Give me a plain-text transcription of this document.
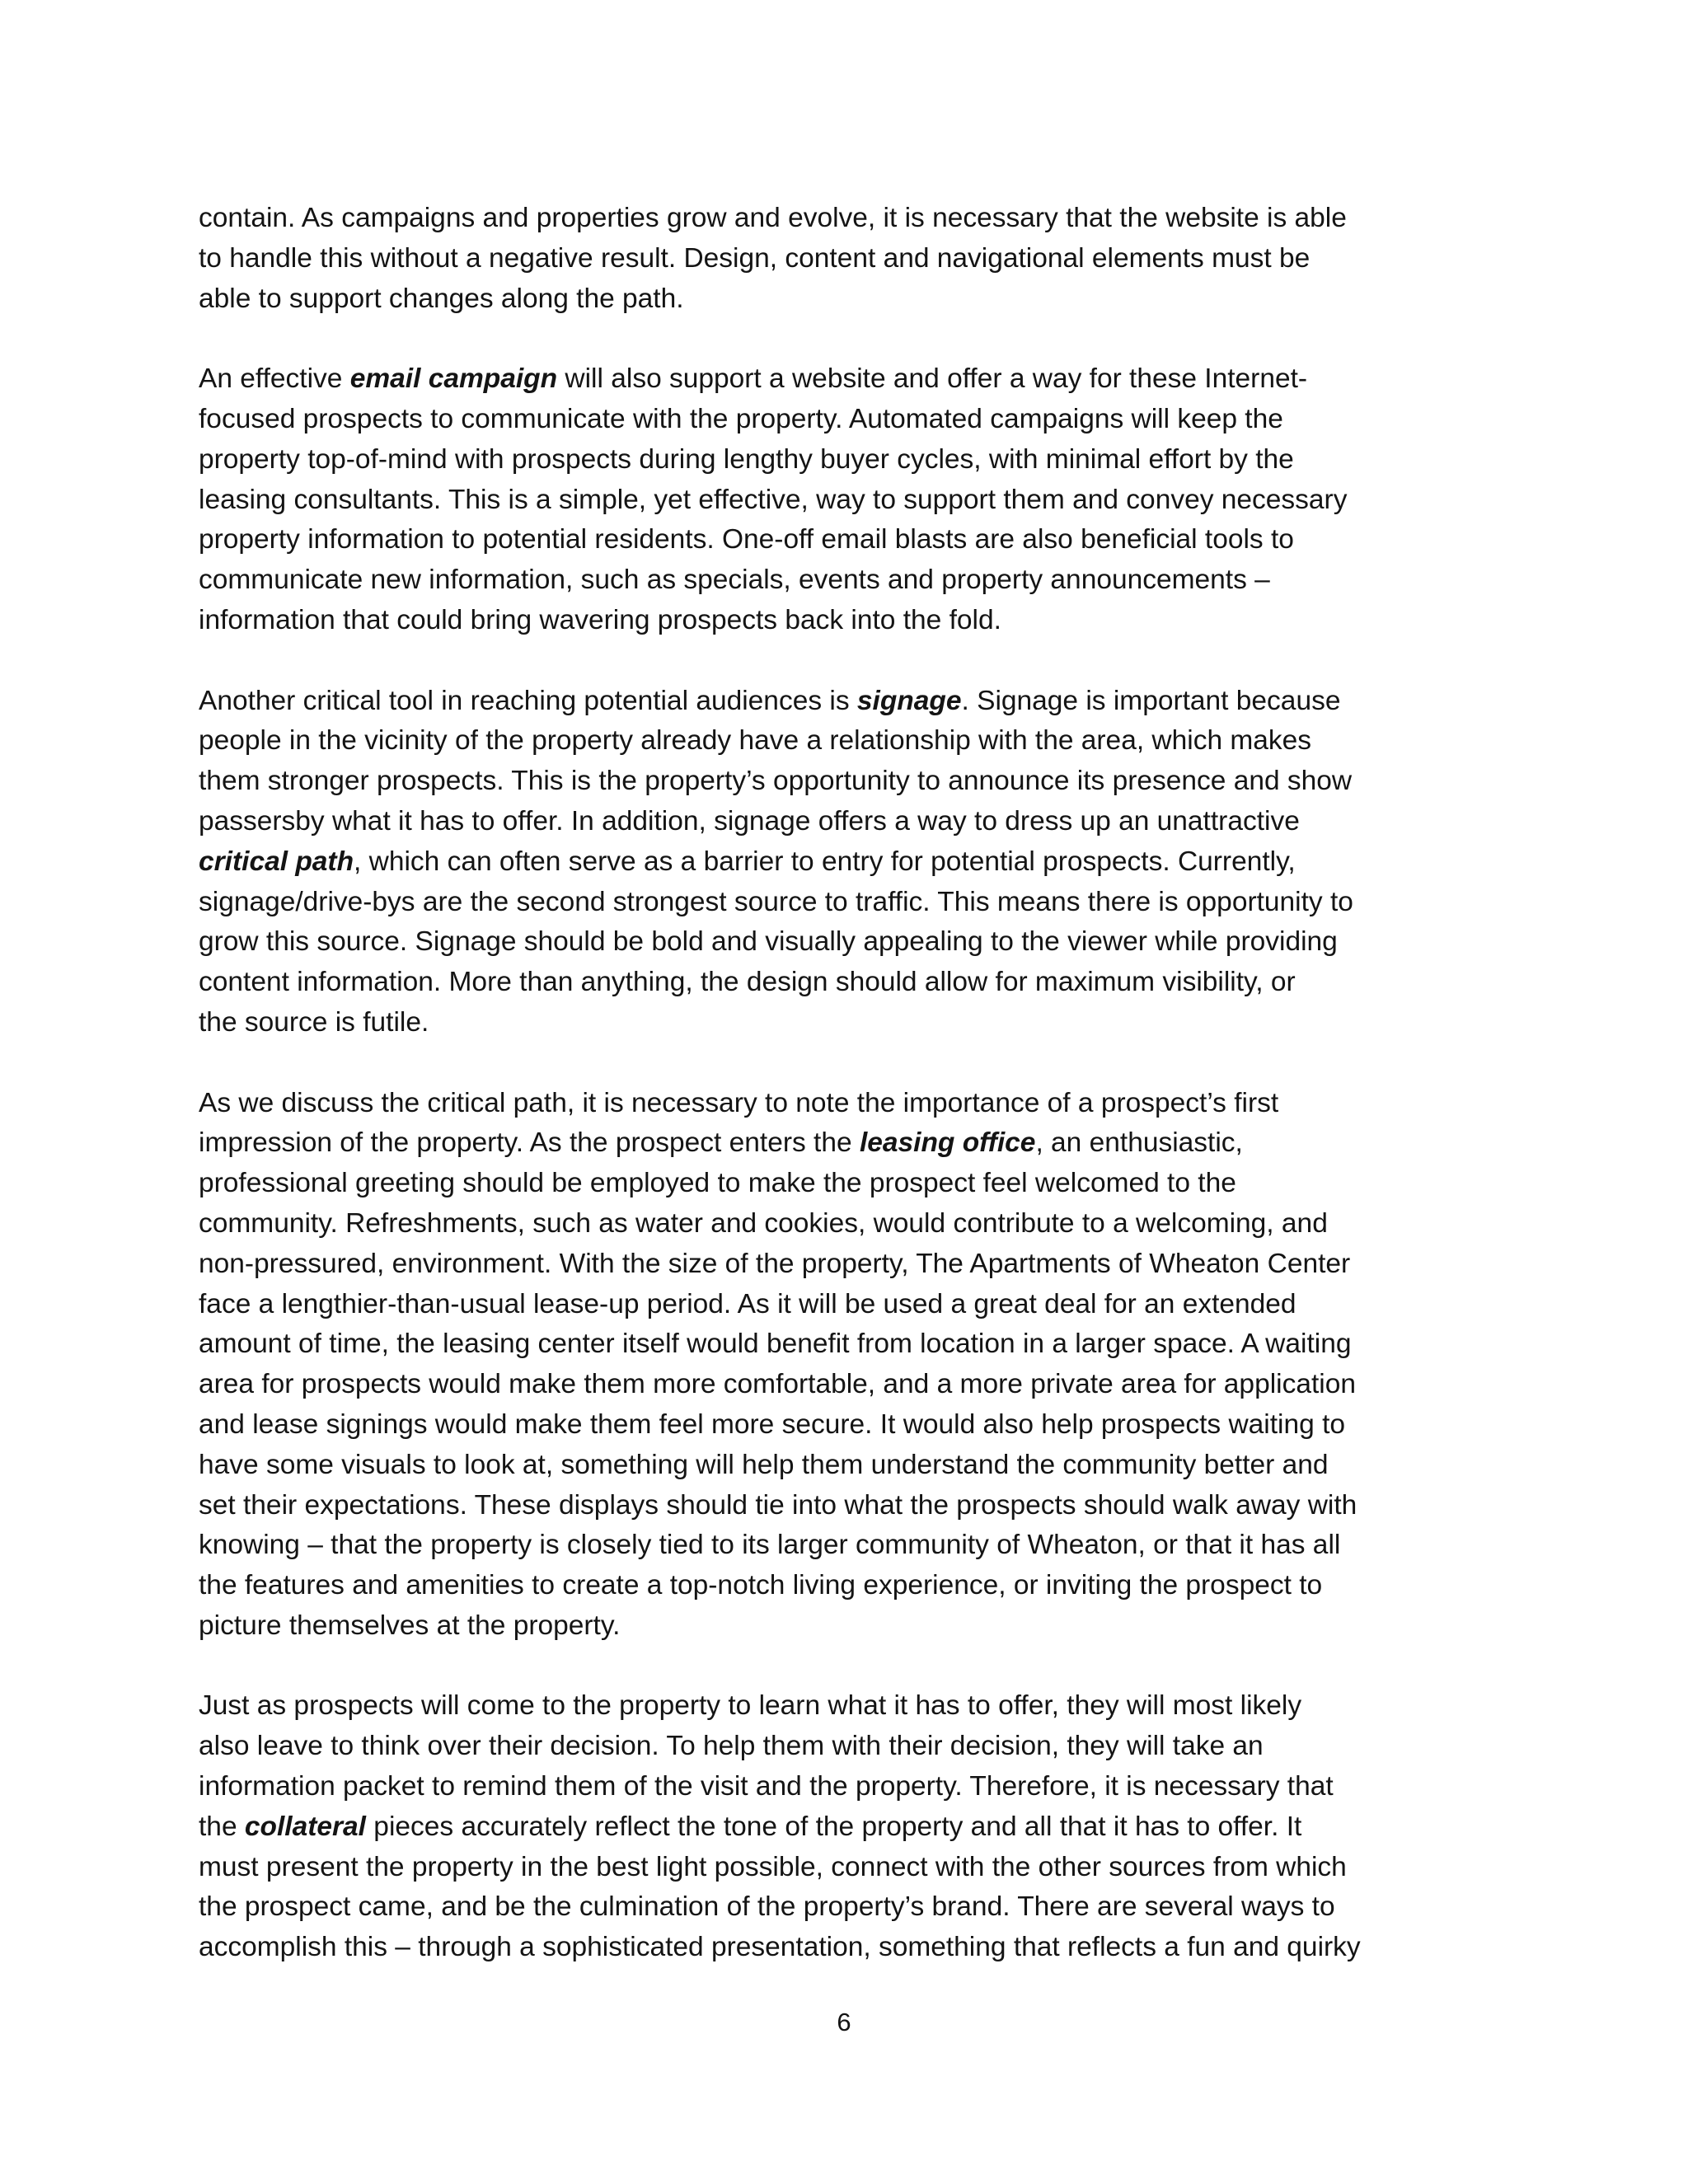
contain. As campaigns and properties grow and evolve, it is necessary that the website is able
to handle this without a negative result. Design, content and navigational elements must be
able to support changes along the path.

An effective email campaign will also support a website and offer a way for these Internet-
focused prospects to communicate with the property. Automated campaigns will keep the
property top-of-mind with prospects during lengthy buyer cycles, with minimal effort by the
leasing consultants. This is a simple, yet effective, way to support them and convey necessary
property information to potential residents. One-off email blasts are also beneficial tools to
communicate new information, such as specials, events and property announcements –
information that could bring wavering prospects back into the fold.

Another critical tool in reaching potential audiences is signage. Signage is important because
people in the vicinity of the property already have a relationship with the area, which makes
them stronger prospects. This is the property’s opportunity to announce its presence and show
passersby what it has to offer. In addition, signage offers a way to dress up an unattractive
critical path, which can often serve as a barrier to entry for potential prospects. Currently,
signage/drive-bys are the second strongest source to traffic. This means there is opportunity to
grow this source. Signage should be bold and visually appealing to the viewer while providing
content information. More than anything, the design should allow for maximum visibility, or
the source is futile.

As we discuss the critical path, it is necessary to note the importance of a prospect’s first
impression of the property. As the prospect enters the leasing office, an enthusiastic,
professional greeting should be employed to make the prospect feel welcomed to the
community. Refreshments, such as water and cookies, would contribute to a welcoming, and
non-pressured, environment. With the size of the property, The Apartments of Wheaton Center
face a lengthier-than-usual lease-up period. As it will be used a great deal for an extended
amount of time, the leasing center itself would benefit from location in a larger space. A waiting
area for prospects would make them more comfortable, and a more private area for application
and lease signings would make them feel more secure. It would also help prospects waiting to
have some visuals to look at, something will help them understand the community better and
set their expectations. These displays should tie into what the prospects should walk away with
knowing – that the property is closely tied to its larger community of Wheaton, or that it has all
the features and amenities to create a top-notch living experience, or inviting the prospect to
picture themselves at the property.

Just as prospects will come to the property to learn what it has to offer, they will most likely
also leave to think over their decision. To help them with their decision, they will take an
information packet to remind them of the visit and the property. Therefore, it is necessary that
the collateral pieces accurately reflect the tone of the property and all that it has to offer. It
must present the property in the best light possible, connect with the other sources from which
the prospect came, and be the culmination of the property’s brand. There are several ways to
accomplish this – through a sophisticated presentation, something that reflects a fun and quirky

6
